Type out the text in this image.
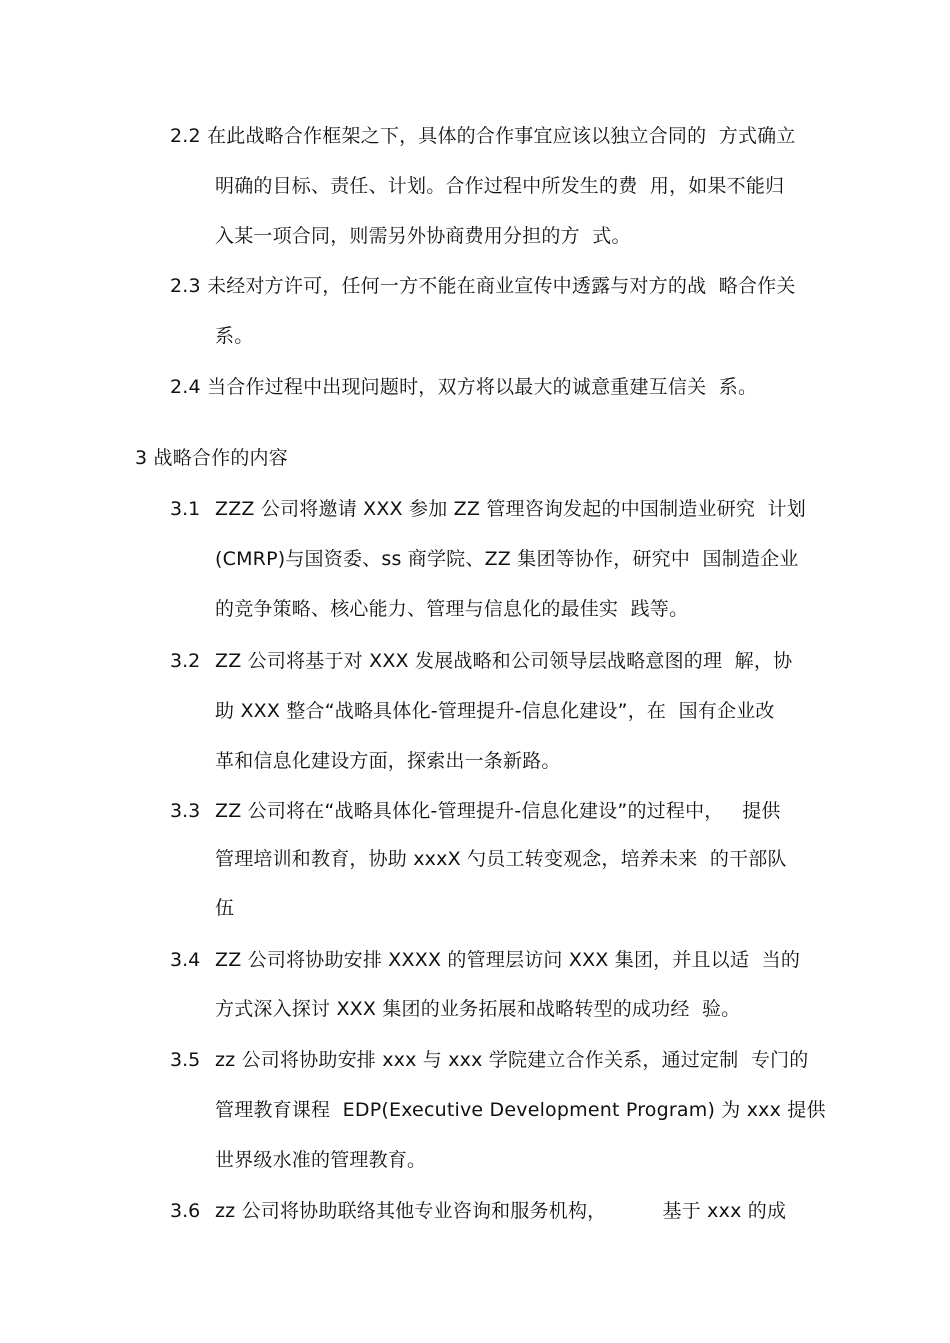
2.2 在此战略合作框架之下，具体的合作事宜应该以独立合同的  方式确立
明确的目标、责任、计划。合作过程中所发生的费  用，如果不能归
入某一项合同，则需另外协商费用分担的方  式。
2.3 未经对方许可，任何一方不能在商业宣传中透露与对方的战  略合作关
系。
2.4 当合作过程中出现问题时，双方将以最大的诚意重建互信关  系。
3 战略合作的内容
3.1 ZZZ 公司将邀请 XXX 参加 ZZ 管理咨询发起的中国制造业研究  计划
(CMRP)与国资委、ss 商学院、ZZ 集团等协作，研究中  国制造企业
的竞争策略、核心能力、管理与信息化的最佳实  践等。
3.2 ZZ 公司将基于对 XXX 发展战略和公司领导层战略意图的理  解，协
助 XXX 整合“战略具体化-管理提升-信息化建设”，在  国有企业改
革和信息化建设方面，探索出一条新路。
3.3 ZZ 公司将在“战略具体化-管理提升-信息化建设”的过程中，   提供
管理培训和教育，协助 xxxX 勺员工转变观念，培养未来  的干部队
伍
3.4 ZZ 公司将协助安排 XXXX 的管理层访问 XXX 集团，并且以适  当的
方式深入探讨 XXX 集团的业务拓展和战略转型的成功经  验。
3.5 zz 公司将协助安排 xxx 与 xxx 学院建立合作关系，通过定制  专门的
管理教育课程  EDP(Executive Development Program) 为 xxx 提供
世界级水准的管理教育。
3.6 zz 公司将协助联络其他专业咨询和服务机构，         基于 xxx 的成
